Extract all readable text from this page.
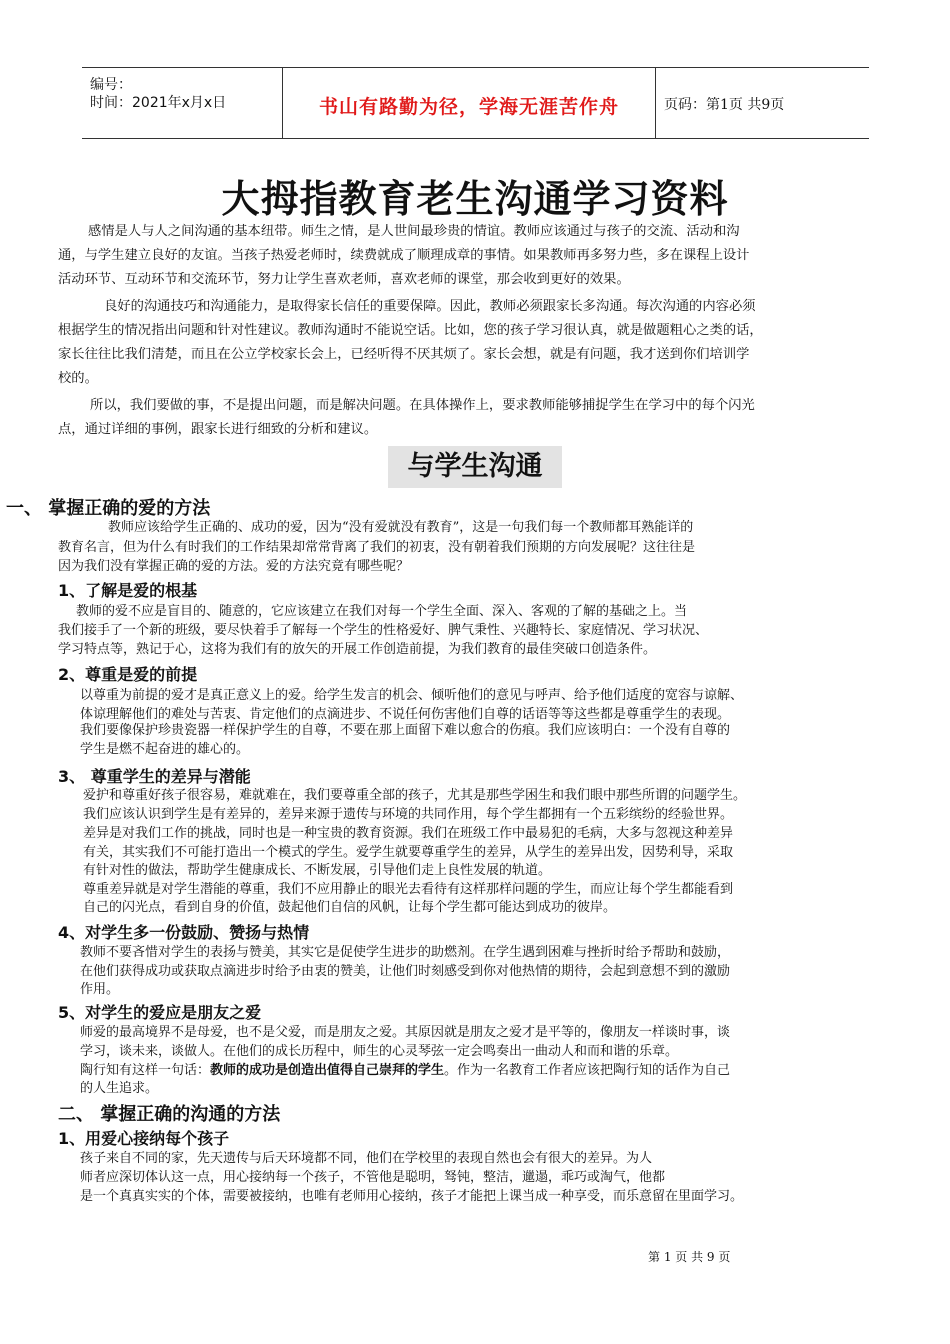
编号：
时间：2021年x月x日	书山有路勤为径，学海无涯苦作舟	页码：第1页 共9页
大拇指教育老生沟通学习资料
感情是人与人之间沟通的基本纽带。师生之情，是人世间最珍贵的情谊。教师应该通过与孩子的交流、活动和沟
通，与学生建立良好的友谊。当孩子热爱老师时，续费就成了顺理成章的事情。如果教师再多努力些，多在课程上设计
活动环节、互动环节和交流环节，努力让学生喜欢老师，喜欢老师的课堂，那会收到更好的效果。
良好的沟通技巧和沟通能力，是取得家长信任的重要保障。因此，教师必须跟家长多沟通。每次沟通的内容必须
根据学生的情况指出问题和针对性建议。教师沟通时不能说空话。比如，您的孩子学习很认真，就是做题粗心之类的话，
家长往往比我们清楚，而且在公立学校家长会上，已经听得不厌其烦了。家长会想，就是有问题，我才送到你们培训学
校的。
所以，我们要做的事，不是提出问题，而是解决问题。在具体操作上，要求教师能够捕捉学生在学习中的每个闪光
点，通过详细的事例，跟家长进行细致的分析和建议。
与学生沟通
一、 掌握正确的爱的方法
教师应该给学生正确的、成功的爱，因为“没有爱就没有教育”，这是一句我们每一个教师都耳熟能详的
教育名言，但为什么有时我们的工作结果却常常背离了我们的初衷，没有朝着我们预期的方向发展呢？这往往是
因为我们没有掌握正确的爱的方法。爱的方法究竟有哪些呢？
1、了解是爱的根基
教师的爱不应是盲目的、随意的，它应该建立在我们对每一个学生全面、深入、客观的了解的基础之上。当
我们接手了一个新的班级，要尽快着手了解每一个学生的性格爱好、脾气秉性、兴趣特长、家庭情况、学习状况、
学习特点等，熟记于心，这将为我们有的放矢的开展工作创造前提，为我们教育的最佳突破口创造条件。
2、尊重是爱的前提
以尊重为前提的爱才是真正意义上的爱。给学生发言的机会、倾听他们的意见与呼声、给予他们适度的宽容与谅解、
体谅理解他们的难处与苦衷、肯定他们的点滴进步、不说任何伤害他们自尊的话语等等这些都是尊重学生的表现。
我们要像保护珍贵瓷器一样保护学生的自尊，不要在那上面留下难以愈合的伤痕。我们应该明白：一个没有自尊的
学生是燃不起奋进的雄心的。
3、 尊重学生的差异与潜能
爱护和尊重好孩子很容易，难就难在，我们要尊重全部的孩子，尤其是那些学困生和我们眼中那些所谓的问题学生。
我们应该认识到学生是有差异的，差异来源于遗传与环境的共同作用，每个学生都拥有一个五彩缤纷的经验世界。
差异是对我们工作的挑战，同时也是一种宝贵的教育资源。我们在班级工作中最易犯的毛病，大多与忽视这种差异
有关，其实我们不可能打造出一个模式的学生。爱学生就要尊重学生的差异，从学生的差异出发，因势利导，采取
有针对性的做法，帮助学生健康成长、不断发展，引导他们走上良性发展的轨道。
尊重差异就是对学生潜能的尊重，我们不应用静止的眼光去看待有这样那样问题的学生，而应让每个学生都能看到
自己的闪光点，看到自身的价值，鼓起他们自信的风帆，让每个学生都可能达到成功的彼岸。
4、对学生多一份鼓励、赞扬与热情
教师不要吝惜对学生的表扬与赞美，其实它是促使学生进步的助燃剂。在学生遇到困难与挫折时给予帮助和鼓励，
在他们获得成功或获取点滴进步时给予由衷的赞美，让他们时刻感受到你对他热情的期待，会起到意想不到的激励
作用。
5、对学生的爱应是朋友之爱
师爱的最高境界不是母爱，也不是父爱，而是朋友之爱。其原因就是朋友之爱才是平等的，像朋友一样谈时事，谈
学习，谈未来，谈做人。在他们的成长历程中，师生的心灵琴弦一定会鸣奏出一曲动人和而和谐的乐章。
陶行知有这样一句话：教师的成功是创造出值得自己崇拜的学生。作为一名教育工作者应该把陶行知的话作为自己
的人生追求。
二、 掌握正确的沟通的方法
1、用爱心接纳每个孩子
孩子来自不同的家，先天遗传与后天环境都不同，他们在学校里的表现自然也会有很大的差异。为人
师者应深切体认这一点，用心接纳每一个孩子，不管他是聪明，驽钝，整洁，邋遢，乖巧或淘气，他都
是一个真真实实的个体，需要被接纳，也唯有老师用心接纳，孩子才能把上课当成一种享受，而乐意留在里面学习。
第 1 页 共 9 页
